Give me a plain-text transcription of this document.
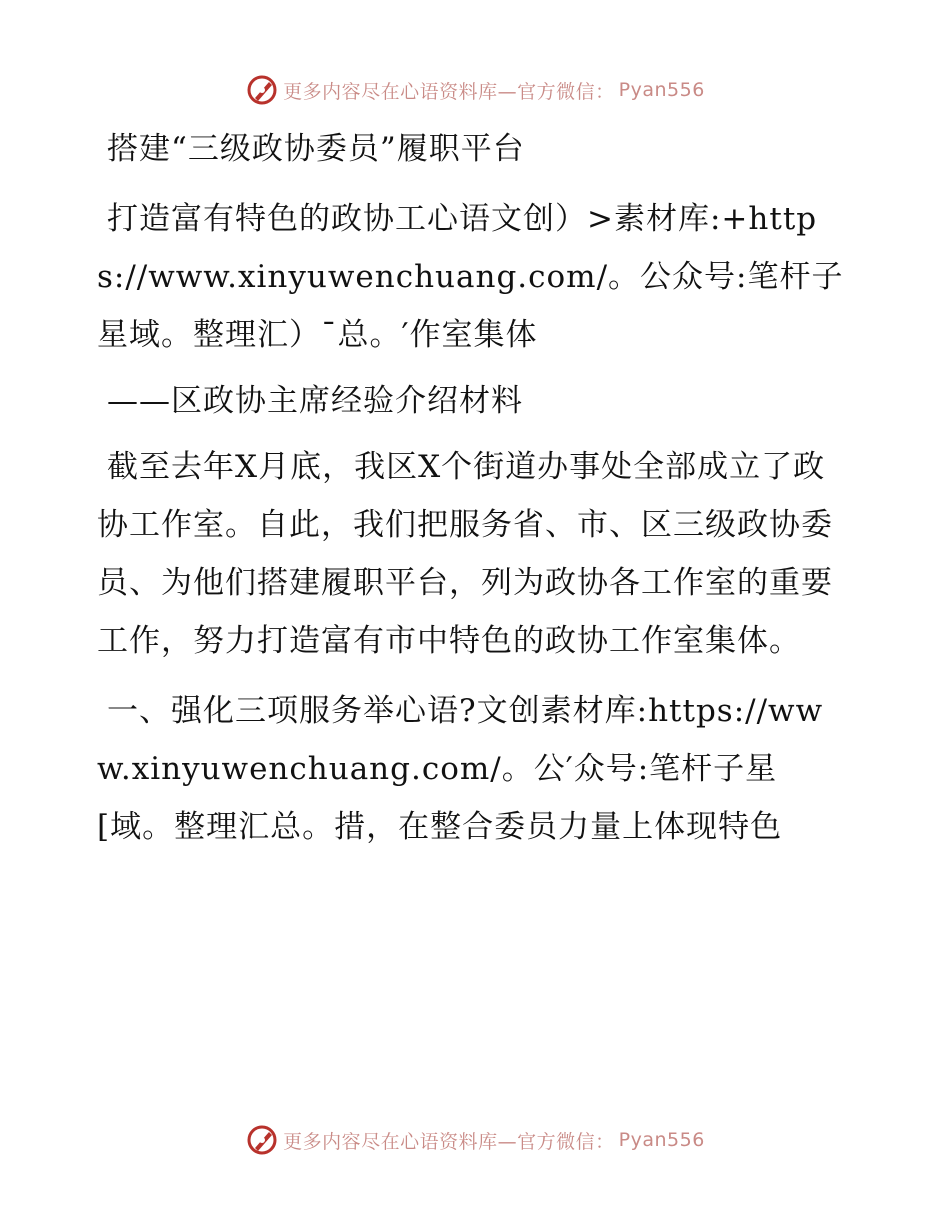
更多内容尽在心语资料库—官方微信： Pyan556

搭建“三级政协委员”履职平台

打造富有特色的政协工心语文创）>素材库:+https://www.xinyuwenchuang.com/。公众号:笔杆子星域。整理汇）¯总。′作室集体

——区政协主席经验介绍材料

截至去年X月底，我区X个街道办事处全部成立了政协工作室。自此，我们把服务省、市、区三级政协委员、为他们搭建履职平台，列为政协各工作室的重要工作，努力打造富有市中特色的政协工作室集体。

一、强化三项服务举心语?文创素材库:https://www.xinyuwenchuang.com/。公′众号:笔杆子星[域。整理汇总。措，在整合委员力量上体现特色

更多内容尽在心语资料库—官方微信： Pyan556
